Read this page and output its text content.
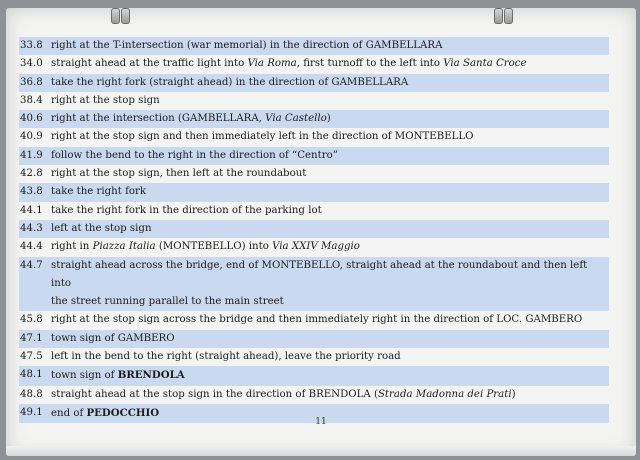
33.8 right at the T-intersection (war memorial) in the direction of GAMBELLARA
34.0 straight ahead at the traffic light into Via Roma, first turnoff to the left into Via Santa Croce
36.8 take the right fork (straight ahead) in the direction of GAMBELLARA
38.4 right at the stop sign
40.6 right at the intersection (GAMBELLARA, Via Castello)
40.9 right at the stop sign and then immediately left in the direction of MONTEBELLO
41.9 follow the bend to the right in the direction of “Centro”
42.8 right at the stop sign, then left at the roundabout
43.8 take the right fork
44.1 take the right fork in the direction of the parking lot
44.3 left at the stop sign
44.4 right in Piazza Italia (MONTEBELLO) into Via XXIV Maggio
44.7 straight ahead across the bridge, end of MONTEBELLO, straight ahead at the roundabout and then left into
the street running parallel to the main street
45.8 right at the stop sign across the bridge and then immediately right in the direction of LOC. GAMBERO
47.1 town sign of GAMBERO
47.5 left in the bend to the right (straight ahead), leave the priority road
48.1 town sign of BRENDOLA
48.8 straight ahead at the stop sign in the direction of BRENDOLA (Strada Madonna dei Prati)
49.1 end of PEDOCCHIO
11
